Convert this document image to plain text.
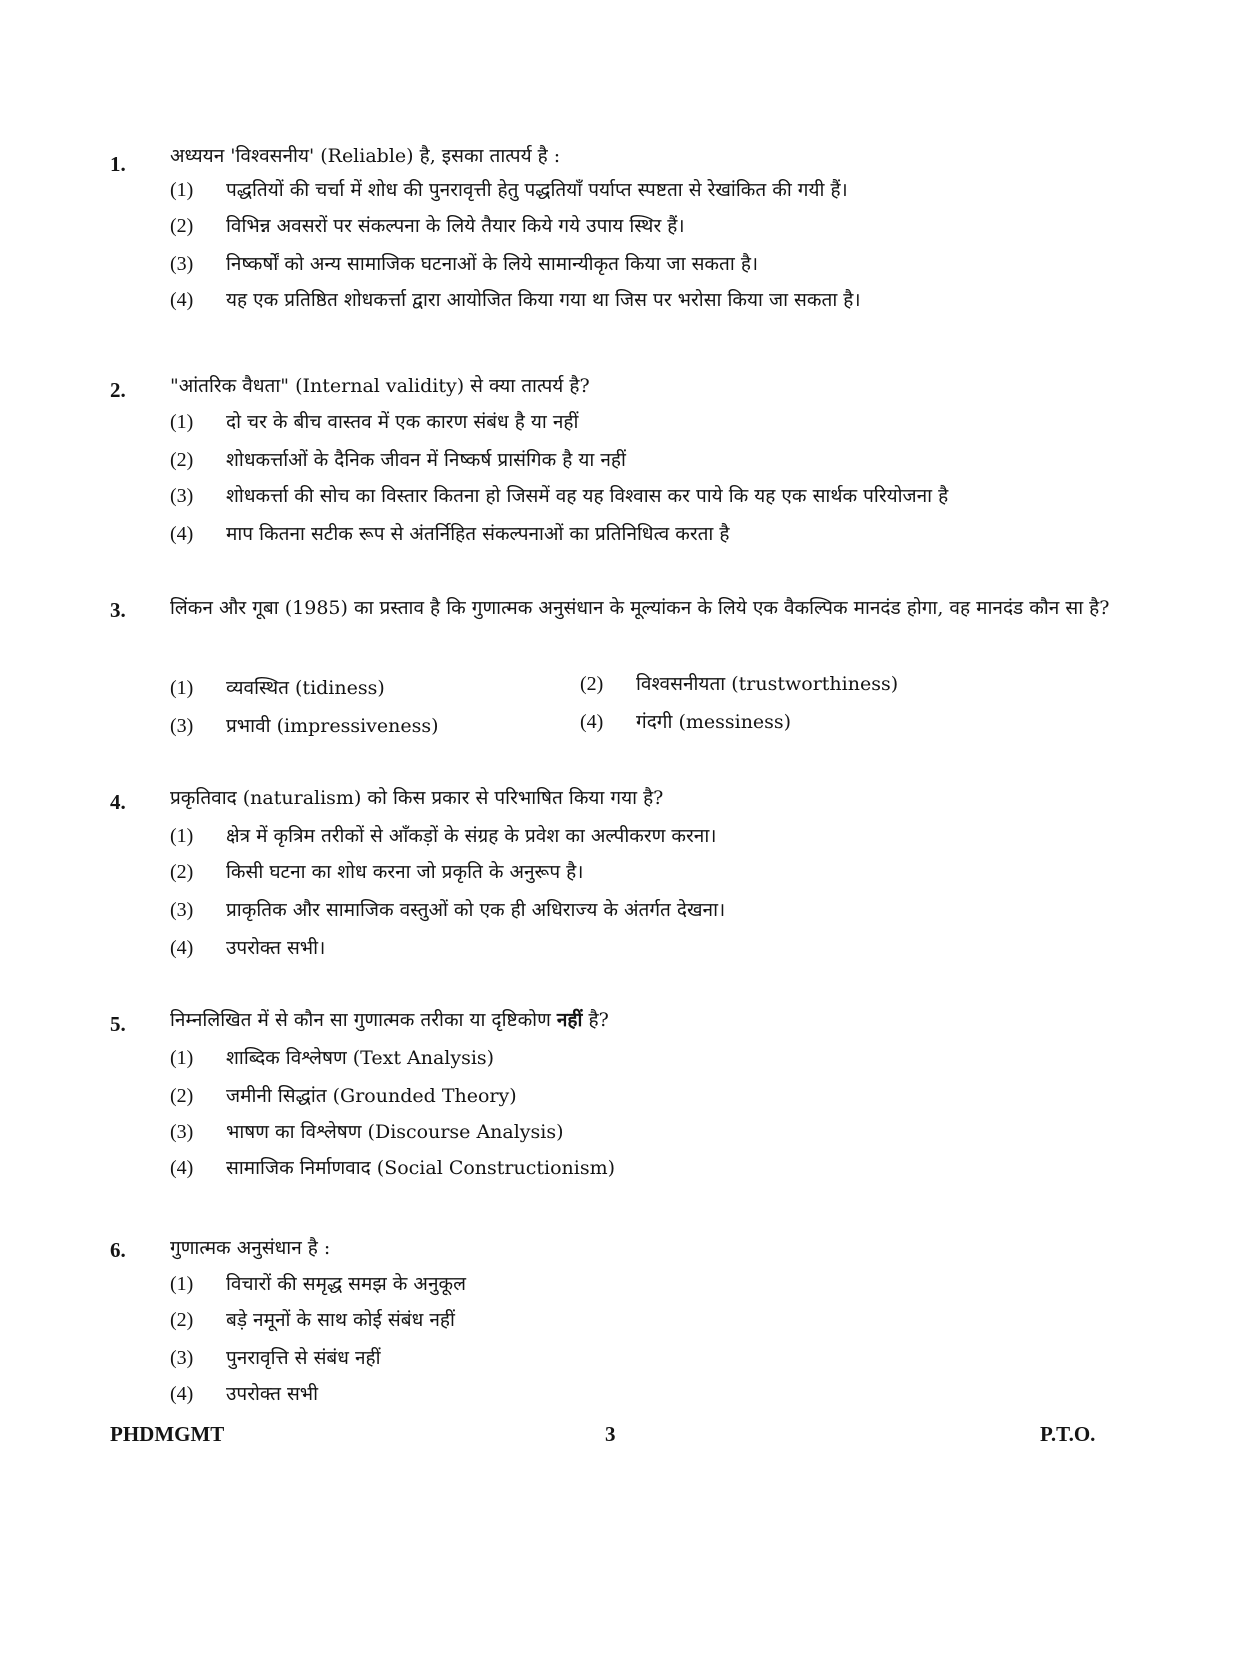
1. अध्ययन 'विश्वसनीय' (Reliable) है, इसका तात्पर्य है :
(1) पद्धतियों की चर्चा में शोध की पुनरावृत्ती हेतु पद्धतियाँ पर्याप्त स्पष्टता से रेखांकित की गयी हैं।
(2) विभिन्न अवसरों पर संकल्पना के लिये तैयार किये गये उपाय स्थिर हैं।
(3) निष्कर्षों को अन्य सामाजिक घटनाओं के लिये सामान्यीकृत किया जा सकता है।
(4) यह एक प्रतिष्ठित शोधकर्त्ता द्वारा आयोजित किया गया था जिस पर भरोसा किया जा सकता है।
2. "आंतरिक वैधता" (Internal validity) से क्या तात्पर्य है?
(1) दो चर के बीच वास्तव में एक कारण संबंध है या नहीं
(2) शोधकर्त्ताओं के दैनिक जीवन में निष्कर्ष प्रासंगिक है या नहीं
(3) शोधकर्त्ता की सोच का विस्तार कितना हो जिसमें वह यह विश्वास कर पाये कि यह एक सार्थक परियोजना है
(4) माप कितना सटीक रूप से अंतर्निहित संकल्पनाओं का प्रतिनिधित्व करता है
3. लिंकन और गूबा (1985) का प्रस्ताव है कि गुणात्मक अनुसंधान के मूल्यांकन के लिये एक वैकल्पिक मानदंड होगा, वह मानदंड कौन सा है?
(1) व्यवस्थित (tidiness)	(2) विश्वसनीयता (trustworthiness)
(3) प्रभावी (impressiveness)	(4) गंदगी (messiness)
4. प्रकृतिवाद (naturalism) को किस प्रकार से परिभाषित किया गया है?
(1) क्षेत्र में कृत्रिम तरीकों से आँकड़ों के संग्रह के प्रवेश का अल्पीकरण करना।
(2) किसी घटना का शोध करना जो प्रकृति के अनुरूप है।
(3) प्राकृतिक और सामाजिक वस्तुओं को एक ही अधिराज्य के अंतर्गत देखना।
(4) उपरोक्त सभी।
5. निम्नलिखित में से कौन सा गुणात्मक तरीका या दृष्टिकोण नहीं है?
(1) शाब्दिक विश्लेषण (Text Analysis)
(2) जमीनी सिद्धांत (Grounded Theory)
(3) भाषण का विश्लेषण (Discourse Analysis)
(4) सामाजिक निर्माणवाद (Social Constructionism)
6. गुणात्मक अनुसंधान है :
(1) विचारों की समृद्ध समझ के अनुकूल
(2) बड़े नमूनों के साथ कोई संबंध नहीं
(3) पुनरावृत्ति से संबंध नहीं
(4) उपरोक्त सभी
PHDMGMT	3	P.T.O.
